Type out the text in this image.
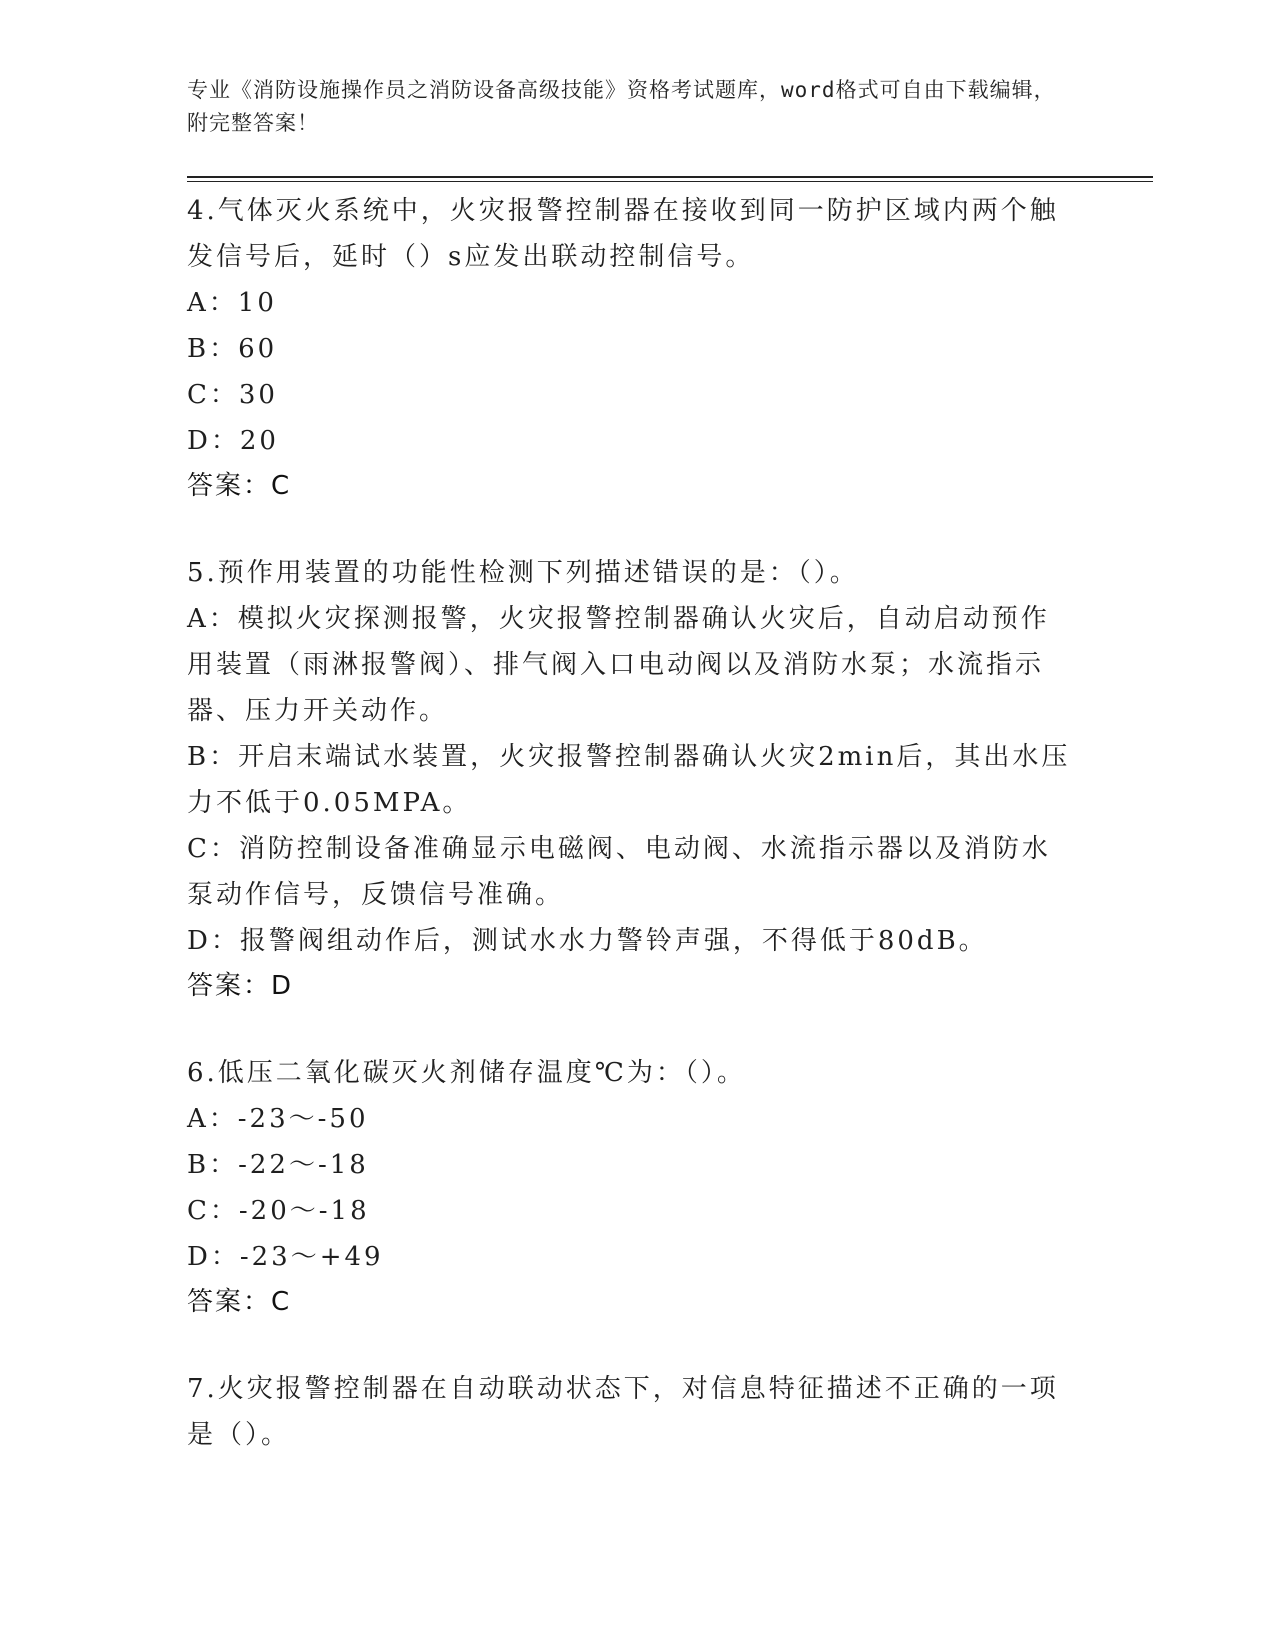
专业《消防设施操作员之消防设备高级技能》资格考试题库，word格式可自由下载编辑，附完整答案！

4.气体灭火系统中，火灾报警控制器在接收到同一防护区域内两个触发信号后，延时（）s应发出联动控制信号。

A：10

B：60

C：30

D：20

答案：C

5.预作用装置的功能性检测下列描述错误的是：（）。

A：模拟火灾探测报警，火灾报警控制器确认火灾后，自动启动预作用装置（雨淋报警阀）、排气阀入口电动阀以及消防水泵；水流指示器、压力开关动作。

B：开启末端试水装置，火灾报警控制器确认火灾2min后，其出水压力不低于0.05MPA。

C：消防控制设备准确显示电磁阀、电动阀、水流指示器以及消防水泵动作信号，反馈信号准确。

D：报警阀组动作后，测试水水力警铃声强，不得低于80dB。

答案：D

6.低压二氧化碳灭火剂储存温度℃为：（）。

A：-23～-50

B：-22～-18

C：-20～-18

D：-23～+49

答案：C

7.火灾报警控制器在自动联动状态下，对信息特征描述不正确的一项是（）。
